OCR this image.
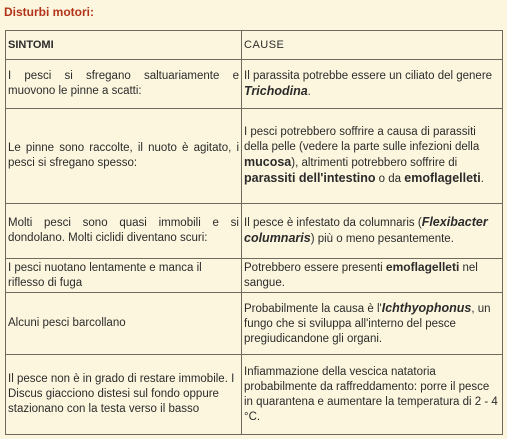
Disturbi motori:
SINTOMI	CAUSE
I pesci si sfregano saltuariamente e muovono le pinne a scatti:	Il parassita potrebbe essere un ciliato del genere Trichodina.
Le pinne sono raccolte, il nuoto è agitato, i pesci si sfregano spesso:	I pesci potrebbero soffrire a causa di parassiti della pelle (vedere la parte sulle infezioni della mucosa), altrimenti potrebbero soffrire di parassiti dell'intestino o da emoflagelleti.
Molti pesci sono quasi immobili e si dondolano. Molti ciclidi diventano scuri:	Il pesce è infestato da columnaris (Flexibacter columnaris) più o meno pesantemente.
I pesci nuotano lentamente e manca il riflesso di fuga	Potrebbero essere presenti emoflagelleti nel sangue.
Alcuni pesci barcollano	Probabilmente la causa è l'Ichthyophonus, un fungo che si sviluppa all'interno del pesce pregiudicandone gli organi.
Il pesce non è in grado di restare immobile. I Discus giacciono distesi sul fondo oppure stazionano con la testa verso il basso	Infiammazione della vescica natatoria probabilmente da raffreddamento: porre il pesce in quarantena e aumentare la temperatura di 2 - 4 °C.
